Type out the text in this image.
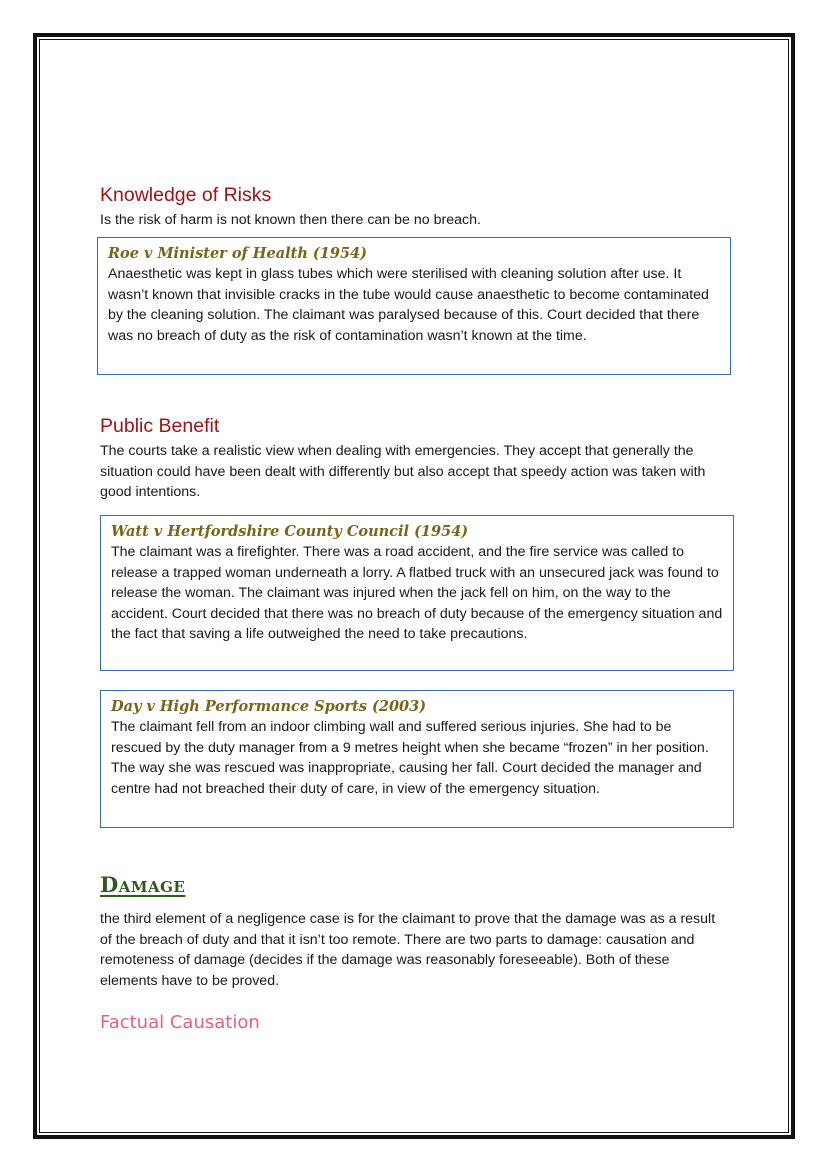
Knowledge of Risks

Is the risk of harm is not known then there can be no breach.

Roe v Minister of Health (1954)

Anaesthetic was kept in glass tubes which were sterilised with cleaning solution after use. It wasn’t known that invisible cracks in the tube would cause anaesthetic to become contaminated by the cleaning solution. The claimant was paralysed because of this. Court decided that there was no breach of duty as the risk of contamination wasn’t known at the time.

Public Benefit

The courts take a realistic view when dealing with emergencies. They accept that generally the situation could have been dealt with differently but also accept that speedy action was taken with good intentions.

Watt v Hertfordshire County Council (1954)

The claimant was a firefighter. There was a road accident, and the fire service was called to release a trapped woman underneath a lorry. A flatbed truck with an unsecured jack was found to release the woman. The claimant was injured when the jack fell on him, on the way to the accident. Court decided that there was no breach of duty because of the emergency situation and the fact that saving a life outweighed the need to take precautions.

Day v High Performance Sports (2003)

The claimant fell from an indoor climbing wall and suffered serious injuries. She had to be rescued by the duty manager from a 9 metres height when she became “frozen” in her position. The way she was rescued was inappropriate, causing her fall. Court decided the manager and centre had not breached their duty of care, in view of the emergency situation.

Damage

the third element of a negligence case is for the claimant to prove that the damage was as a result of the breach of duty and that it isn’t too remote. There are two parts to damage: causation and remoteness of damage (decides if the damage was reasonably foreseeable). Both of these elements have to be proved.

Factual Causation
